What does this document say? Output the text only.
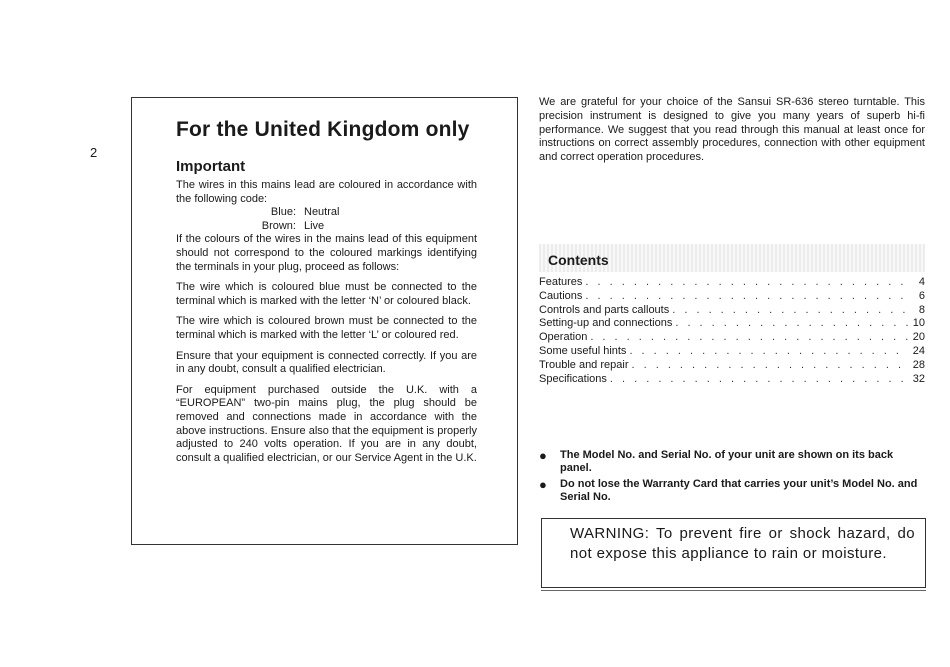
2
For the United Kingdom only
Important
The wires in this mains lead are coloured in accordance with the following code:
Blue: Neutral
Brown: Live

If the colours of the wires in the mains lead of this equipment should not correspond to the coloured markings identifying the terminals in your plug, proceed as follows:

The wire which is coloured blue must be connected to the terminal which is marked with the letter ‘N’ or coloured black.

The wire which is coloured brown must be connected to the terminal which is marked with the letter ‘L’ or coloured red.

Ensure that your equipment is connected correctly. If you are in any doubt, consult a qualified electrician.

For equipment purchased outside the U.K. with a “EUROPEAN” two-pin mains plug, the plug should be removed and connections made in accordance with the above instructions. Ensure also that the equipment is properly adjusted to 240 volts operation. If you are in any doubt, consult a qualified electrician, or our Service Agent in the U.K.

We are grateful for your choice of the Sansui SR-636 stereo turntable. This precision instrument is designed to give you many years of superb hi-fi performance. We suggest that you read through this manual at least once for instructions on correct assembly procedures, connection with other equipment and correct operation procedures.
Contents
Features . . .	4
Cautions . . .	6
Controls and parts callouts . . .	8
Setting-up and connections . . .	10
Operation . . .	20
Some useful hints . . .	24
Trouble and repair . . .	28
Specifications . . .	32
●	The Model No. and Serial No. of your unit are shown on its back panel.
●	Do not lose the Warranty Card that carries your unit’s Model No. and Serial No.
WARNING: To prevent fire or shock hazard, do not expose this appliance to rain or moisture.
